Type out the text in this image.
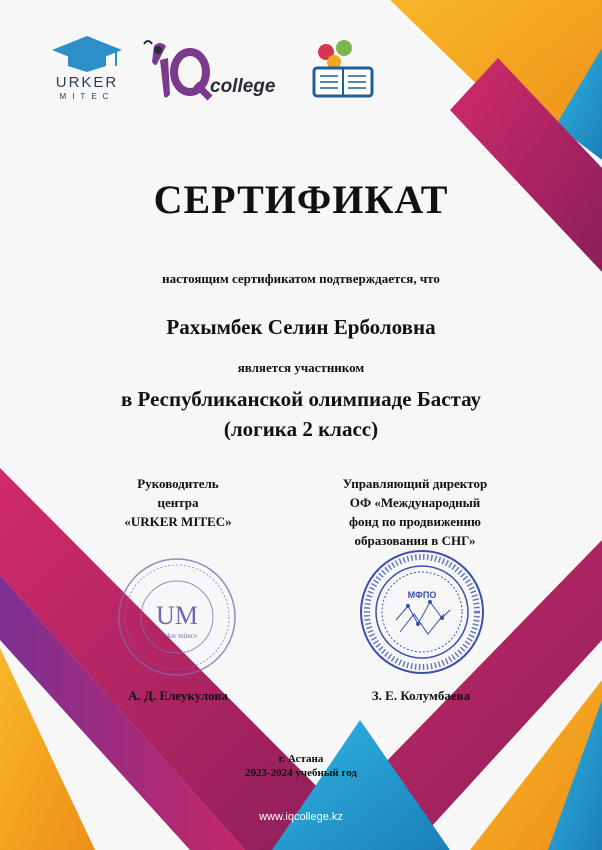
URKER
MITEC	college
СЕРТИФИКАТ
настоящим сертификатом подтверждается, что
Рахымбек Селин Ерболовна
является участником
в Республиканской олимпиаде Бастау
(логика 2 класс)
Руководитель
центра
«URKER MITEC»
Управляющий директор
ОФ «Международный
фонд по продвижению
образования в СНГ»
UM
«Urker mitec»
МФПО
А. Д. Елеукулова	З. Е. Колумбаева
г. Астана
2023-2024 учебный год
www.iqcollege.kz
